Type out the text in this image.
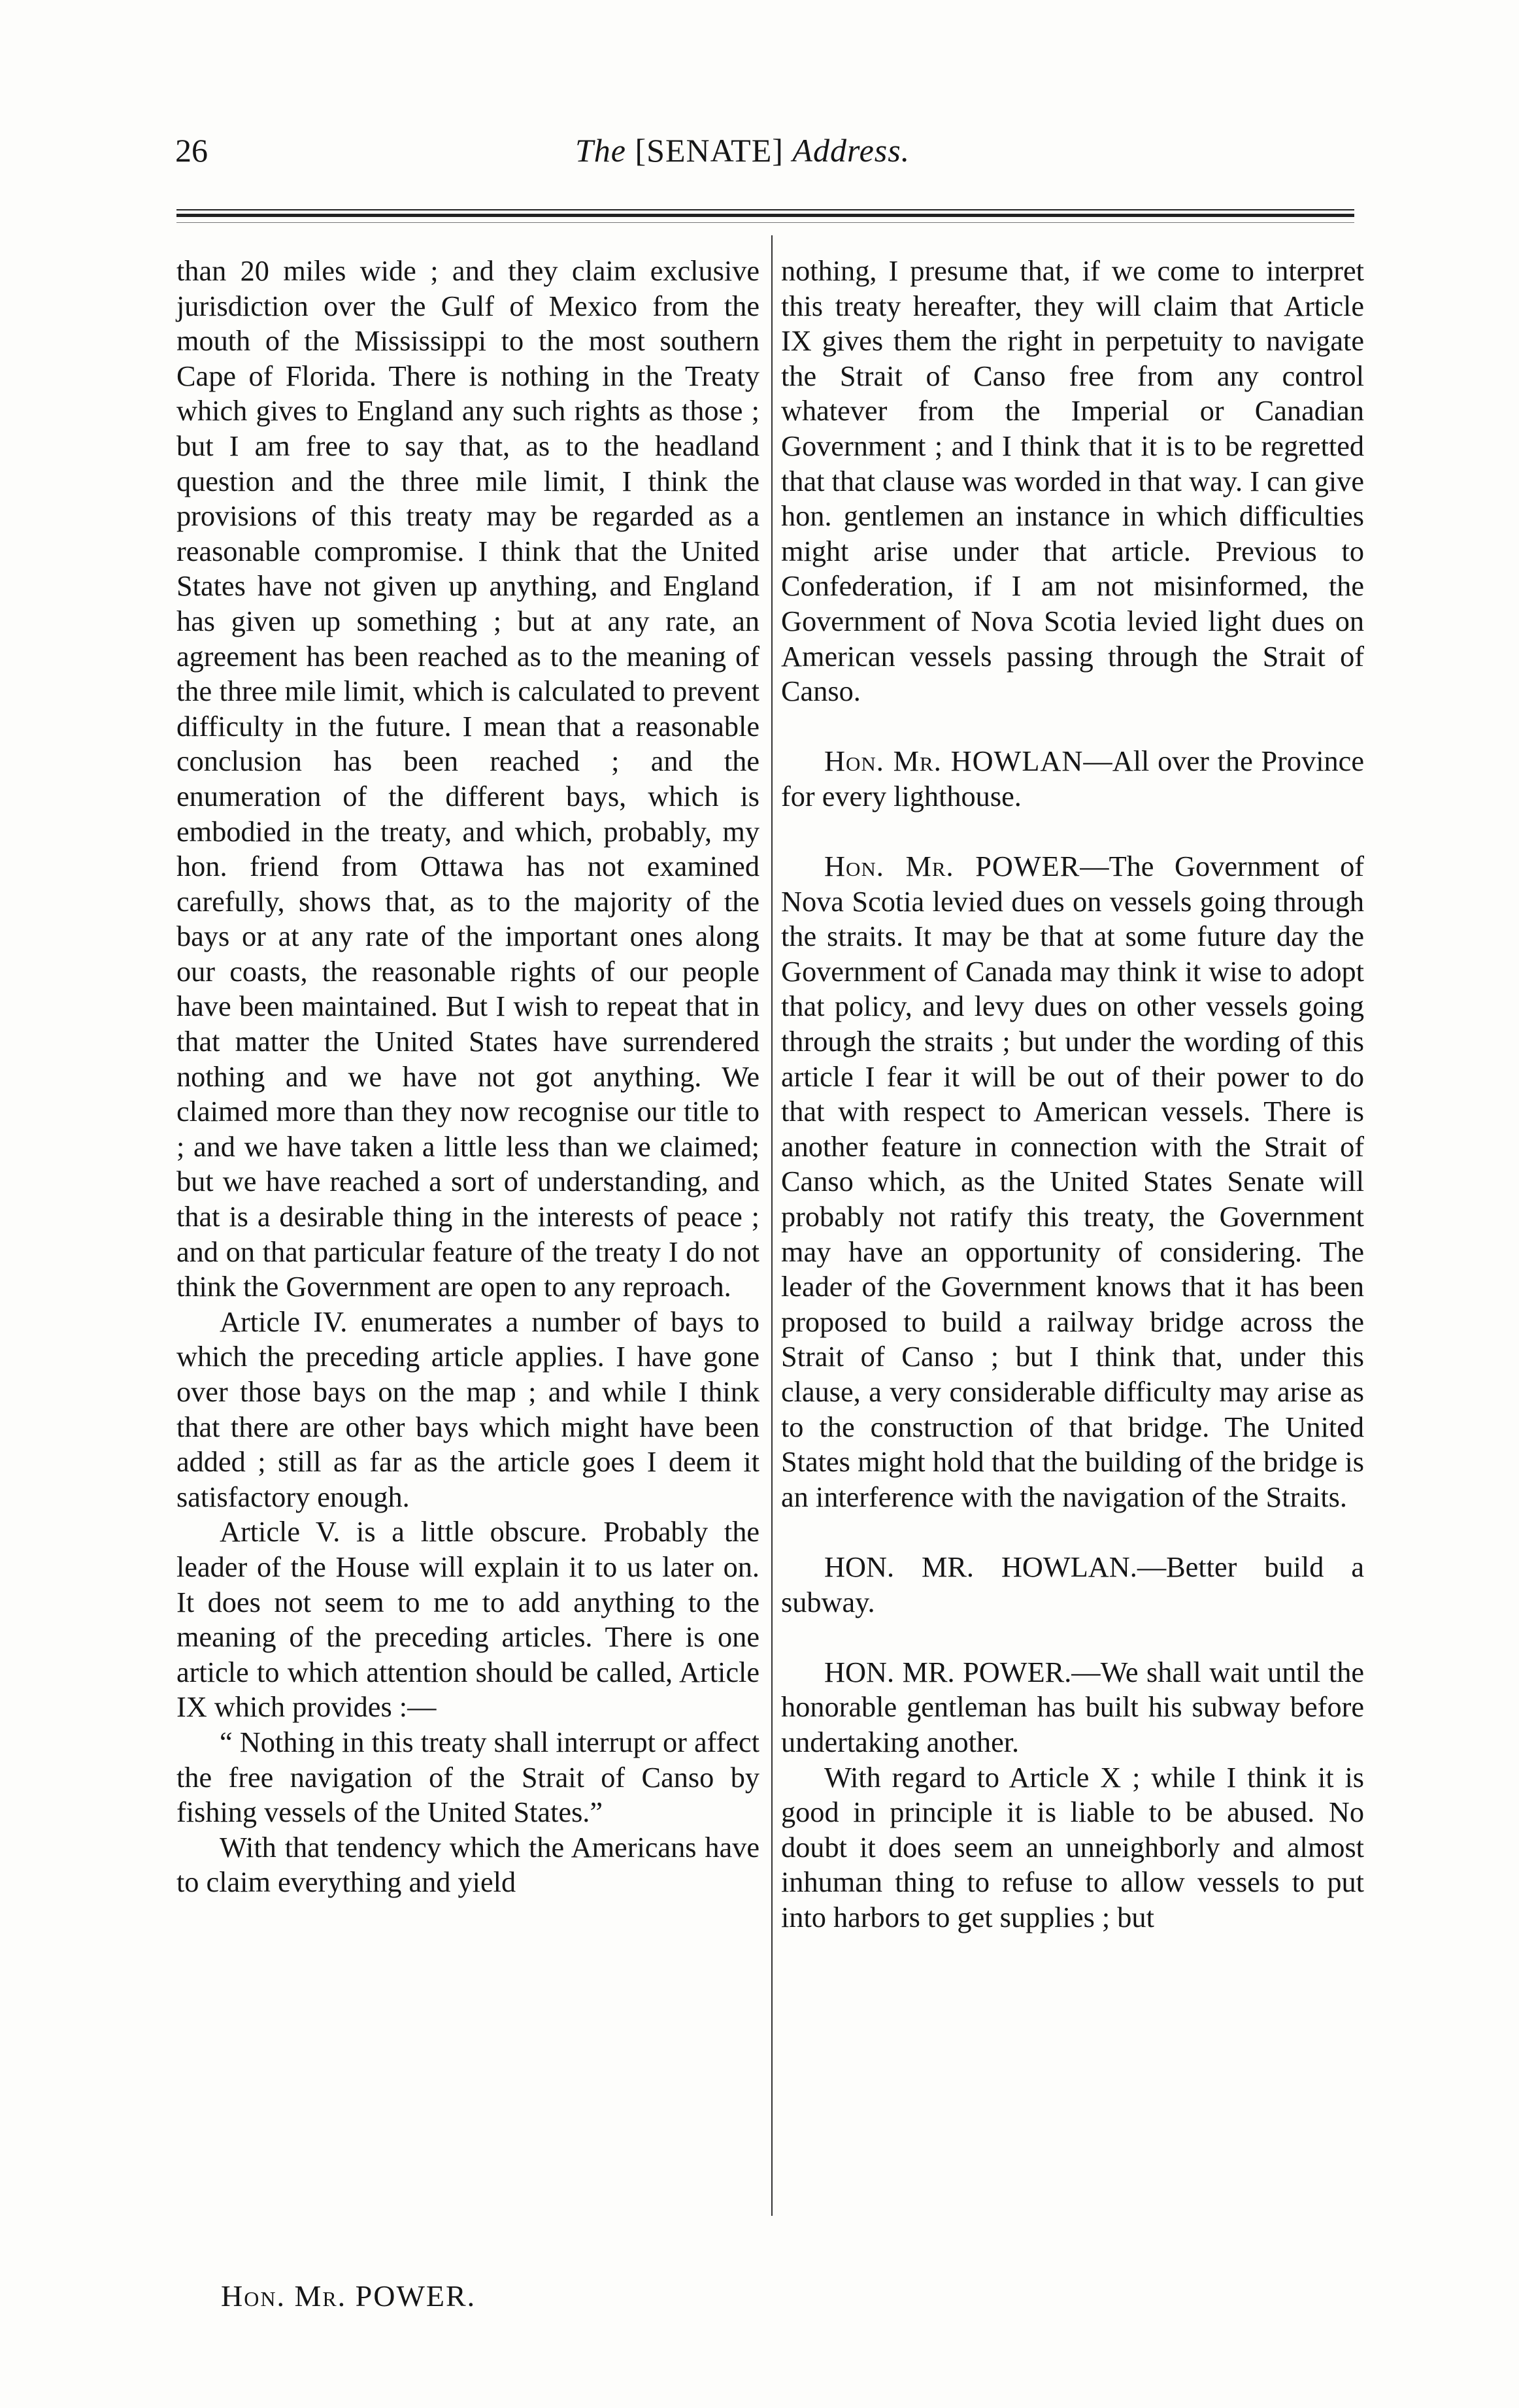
26	The [SENATE] Address.

than 20 miles wide ; and they claim exclusive jurisdiction over the Gulf of Mexico from the mouth of the Mississippi to the most southern Cape of Florida. There is nothing in the Treaty which gives to England any such rights as those ; but I am free to say that, as to the headland question and the three mile limit, I think the provisions of this treaty may be regarded as a reasonable compromise. I think that the United States have not given up anything, and England has given up something ; but at any rate, an agreement has been reached as to the meaning of the three mile limit, which is calculated to prevent difficulty in the future. I mean that a reasonable conclusion has been reached ; and the enumeration of the different bays, which is embodied in the treaty, and which, probably, my hon. friend from Ottawa has not examined carefully, shows that, as to the majority of the bays or at any rate of the important ones along our coasts, the reasonable rights of our people have been maintained. But I wish to repeat that in that matter the United States have surrendered nothing and we have not got anything. We claimed more than they now recognise our title to ; and we have taken a little less than we claimed; but we have reached a sort of understanding, and that is a desirable thing in the interests of peace ; and on that particular feature of the treaty I do not think the Government are open to any reproach.

Article IV. enumerates a number of bays to which the preceding article applies. I have gone over those bays on the map ; and while I think that there are other bays which might have been added ; still as far as the article goes I deem it satisfactory enough.

Article V. is a little obscure. Probably the leader of the House will explain it to us later on. It does not seem to me to add anything to the meaning of the preceding articles. There is one article to which attention should be called, Article IX which provides :—

“ Nothing in this treaty shall interrupt or affect the free navigation of the Strait of Canso by fishing vessels of the United States.”

With that tendency which the Americans have to claim everything and yield

nothing, I presume that, if we come to interpret this treaty hereafter, they will claim that Article IX gives them the right in perpetuity to navigate the Strait of Canso free from any control whatever from the Imperial or Canadian Government ; and I think that it is to be regretted that that clause was worded in that way. I can give hon. gentlemen an instance in which difficulties might arise under that article. Previous to Confederation, if I am not misinformed, the Government of Nova Scotia levied light dues on American vessels passing through the Strait of Canso.

Hon. Mr. HOWLAN—All over the Province for every lighthouse.

Hon. Mr. POWER—The Government of Nova Scotia levied dues on vessels going through the straits. It may be that at some future day the Government of Canada may think it wise to adopt that policy, and levy dues on other vessels going through the straits ; but under the wording of this article I fear it will be out of their power to do that with respect to American vessels. There is another feature in connection with the Strait of Canso which, as the United States Senate will probably not ratify this treaty, the Government may have an opportunity of considering. The leader of the Government knows that it has been proposed to build a railway bridge across the Strait of Canso ; but I think that, under this clause, a very considerable difficulty may arise as to the construction of that bridge. The United States might hold that the building of the bridge is an interference with the navigation of the Straits.

HON. MR. HOWLAN.—Better build a subway.

HON. MR. POWER.—We shall wait until the honorable gentleman has built his subway before undertaking another.

With regard to Article X ; while I think it is good in principle it is liable to be abused. No doubt it does seem an unneighborly and almost inhuman thing to refuse to allow vessels to put into harbors to get supplies ; but

Hon. Mr. POWER.
